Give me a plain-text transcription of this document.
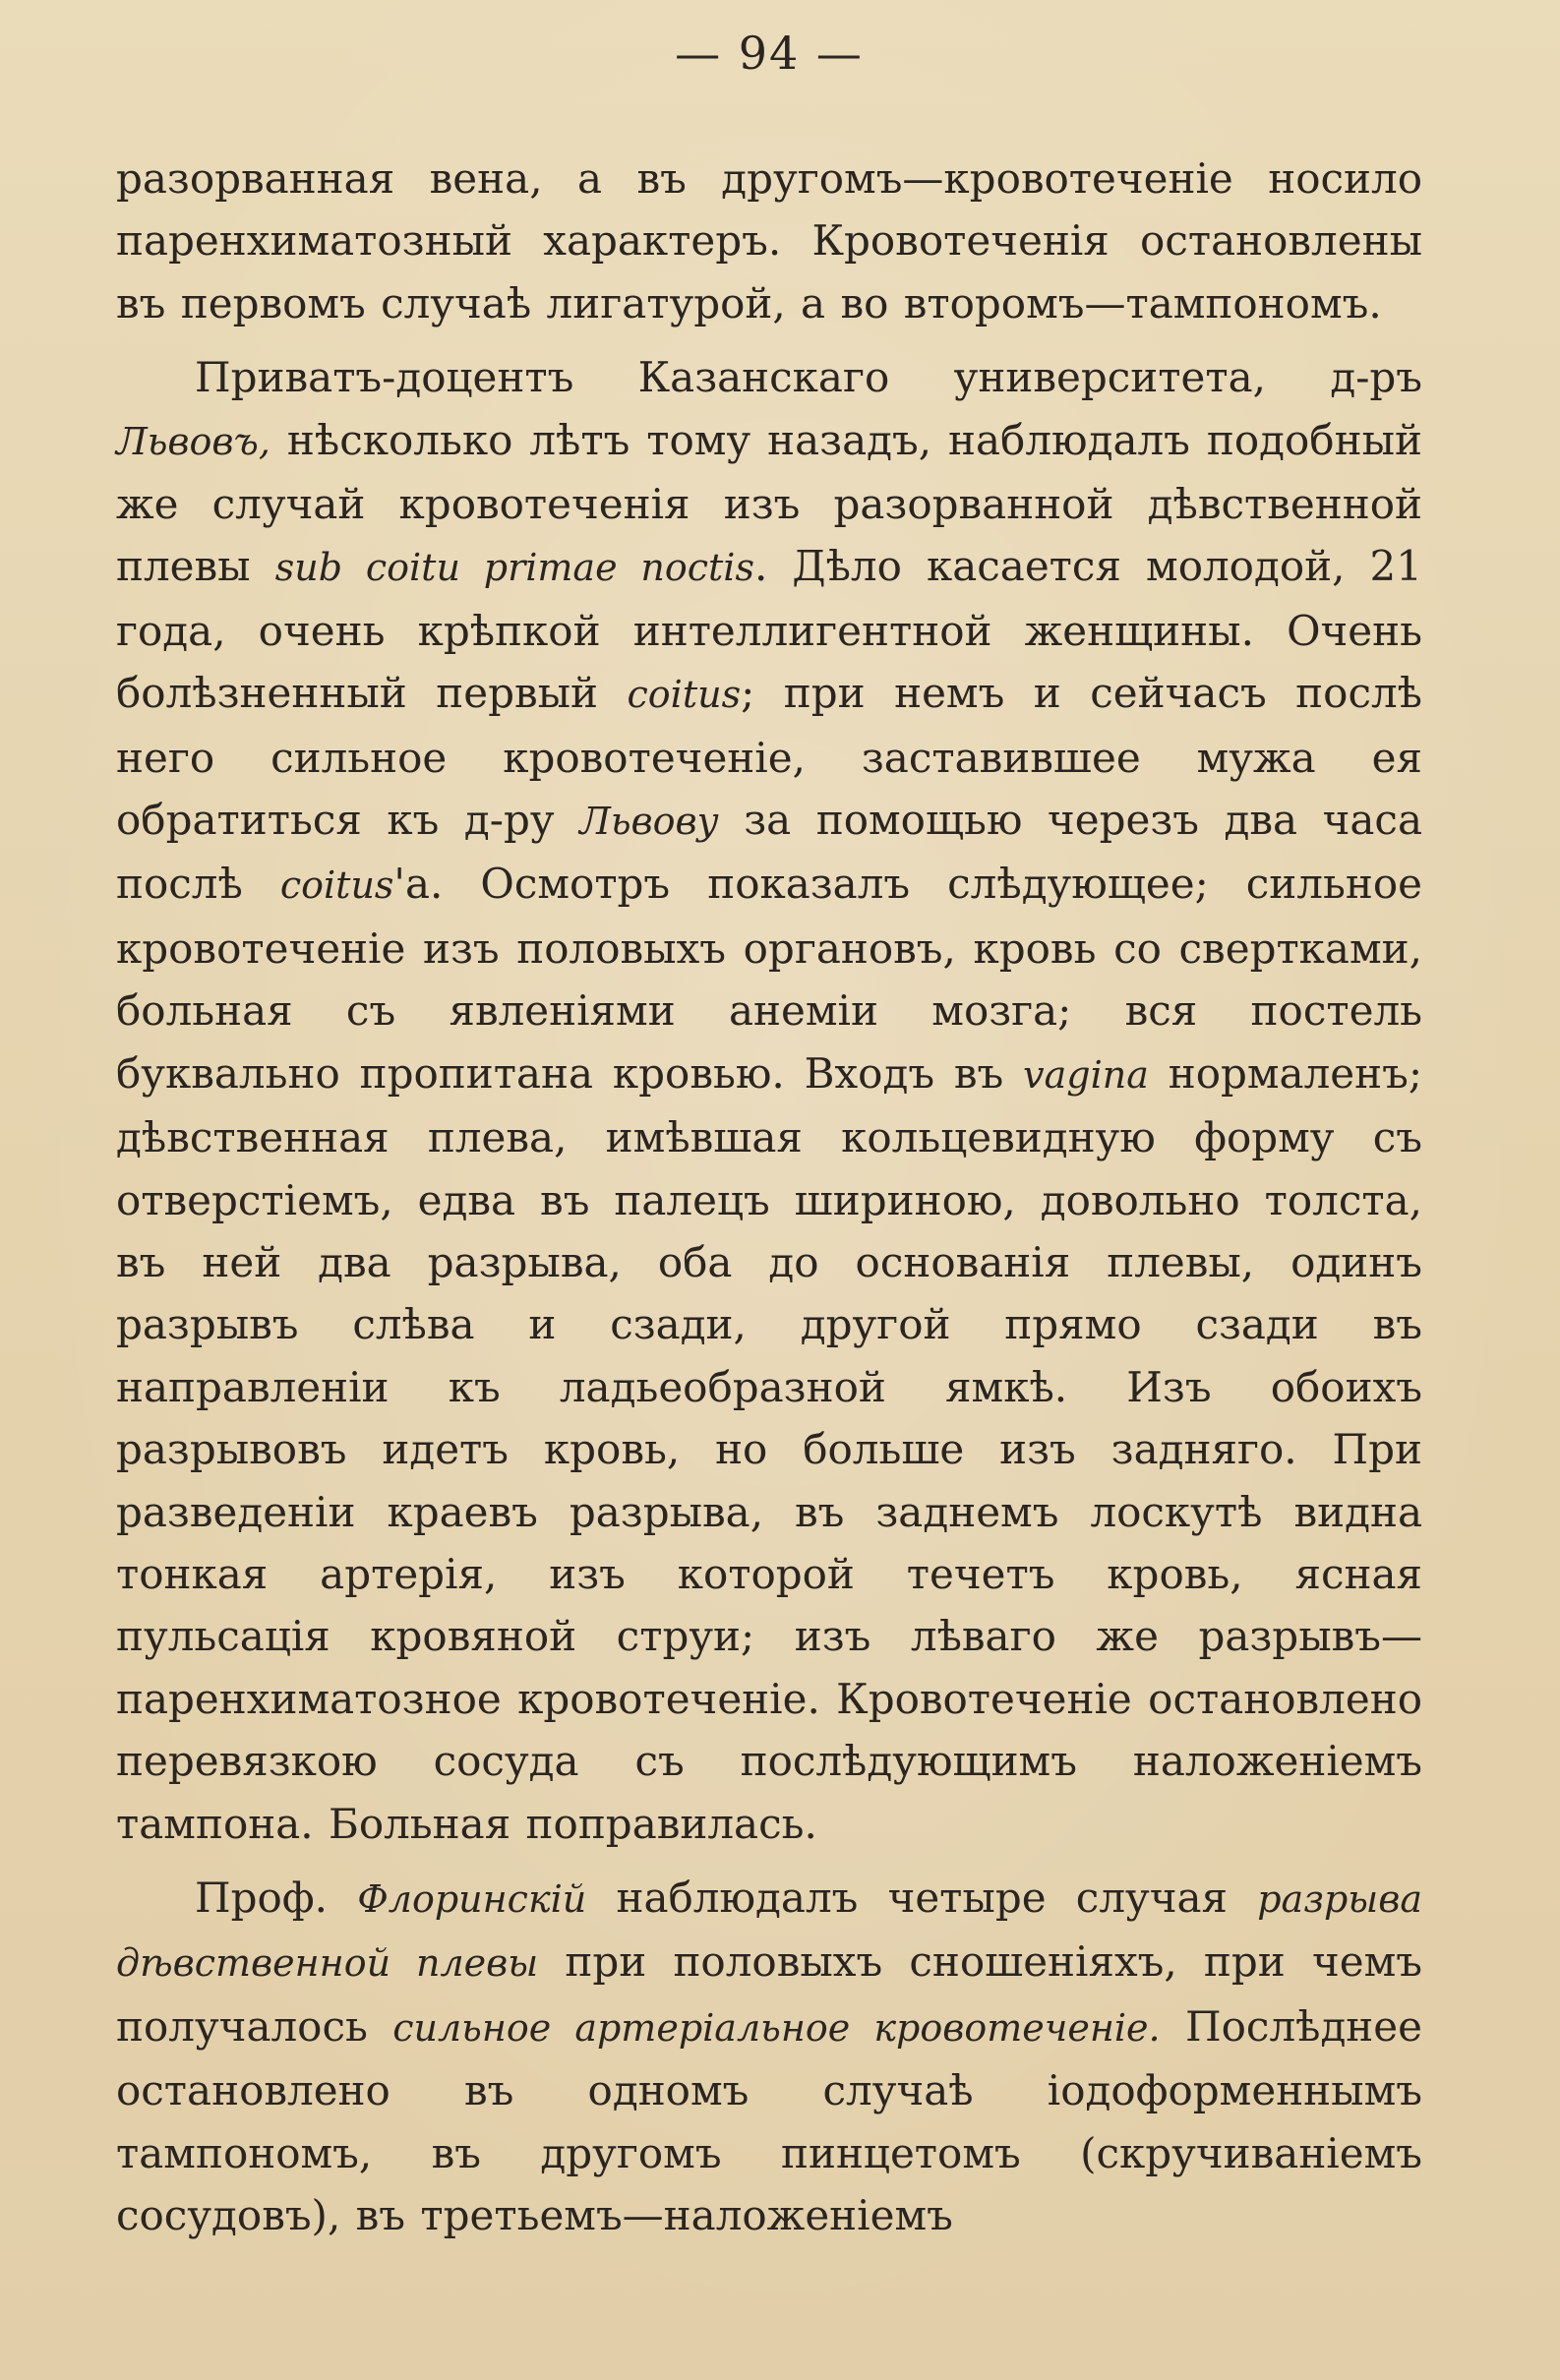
— 94 —

разорванная вена, а въ другомъ—кровотеченіе носило паренхиматозный характеръ. Кровотеченія остановлены въ первомъ случаѣ лигатурой, а во второмъ—тампономъ.

Приватъ-доцентъ Казанскаго университета, д-ръ Львовъ, нѣсколько лѣтъ тому назадъ, наблюдалъ подобный же случай кровотеченія изъ разорванной дѣвственной плевы sub coitu primae noctis. Дѣло касается молодой, 21 года, очень крѣпкой интеллигентной женщины. Очень болѣзненный первый coitus; при немъ и сейчасъ послѣ него сильное кровотеченіе, заставившее мужа ея обратиться къ д-ру Львову за помощью черезъ два часа послѣ coitus'а. Осмотръ показалъ слѣдующее; сильное кровотеченіе изъ половыхъ органовъ, кровь со свертками, больная съ явленіями анеміи мозга; вся постель буквально пропитана кровью. Входъ въ vagina нормаленъ; дѣвственная плева, имѣвшая кольцевидную форму съ отверстіемъ, едва въ палецъ шириною, довольно толста, въ ней два разрыва, оба до основанія плевы, одинъ разрывъ слѣва и сзади, другой прямо сзади въ направленіи къ ладьеобразной ямкѣ. Изъ обоихъ разрывовъ идетъ кровь, но больше изъ задняго. При разведеніи краевъ разрыва, въ заднемъ лоскутѣ видна тонкая артерія, изъ которой течетъ кровь, ясная пульсація кровяной струи; изъ лѣваго же разрывъ—паренхиматозное кровотеченіе. Кровотеченіе остановлено перевязкою сосуда съ послѣдующимъ наложеніемъ тампона. Больная поправилась.

Проф. Флоринскій наблюдалъ четыре случая разрыва дѣвственной плевы при половыхъ сношеніяхъ, при чемъ получалось сильное артеріальное кровотеченіе. Послѣднее остановлено въ одномъ случаѣ іодоформеннымъ тампономъ, въ другомъ пинцетомъ (скручиваніемъ сосудовъ), въ третьемъ—наложеніемъ
